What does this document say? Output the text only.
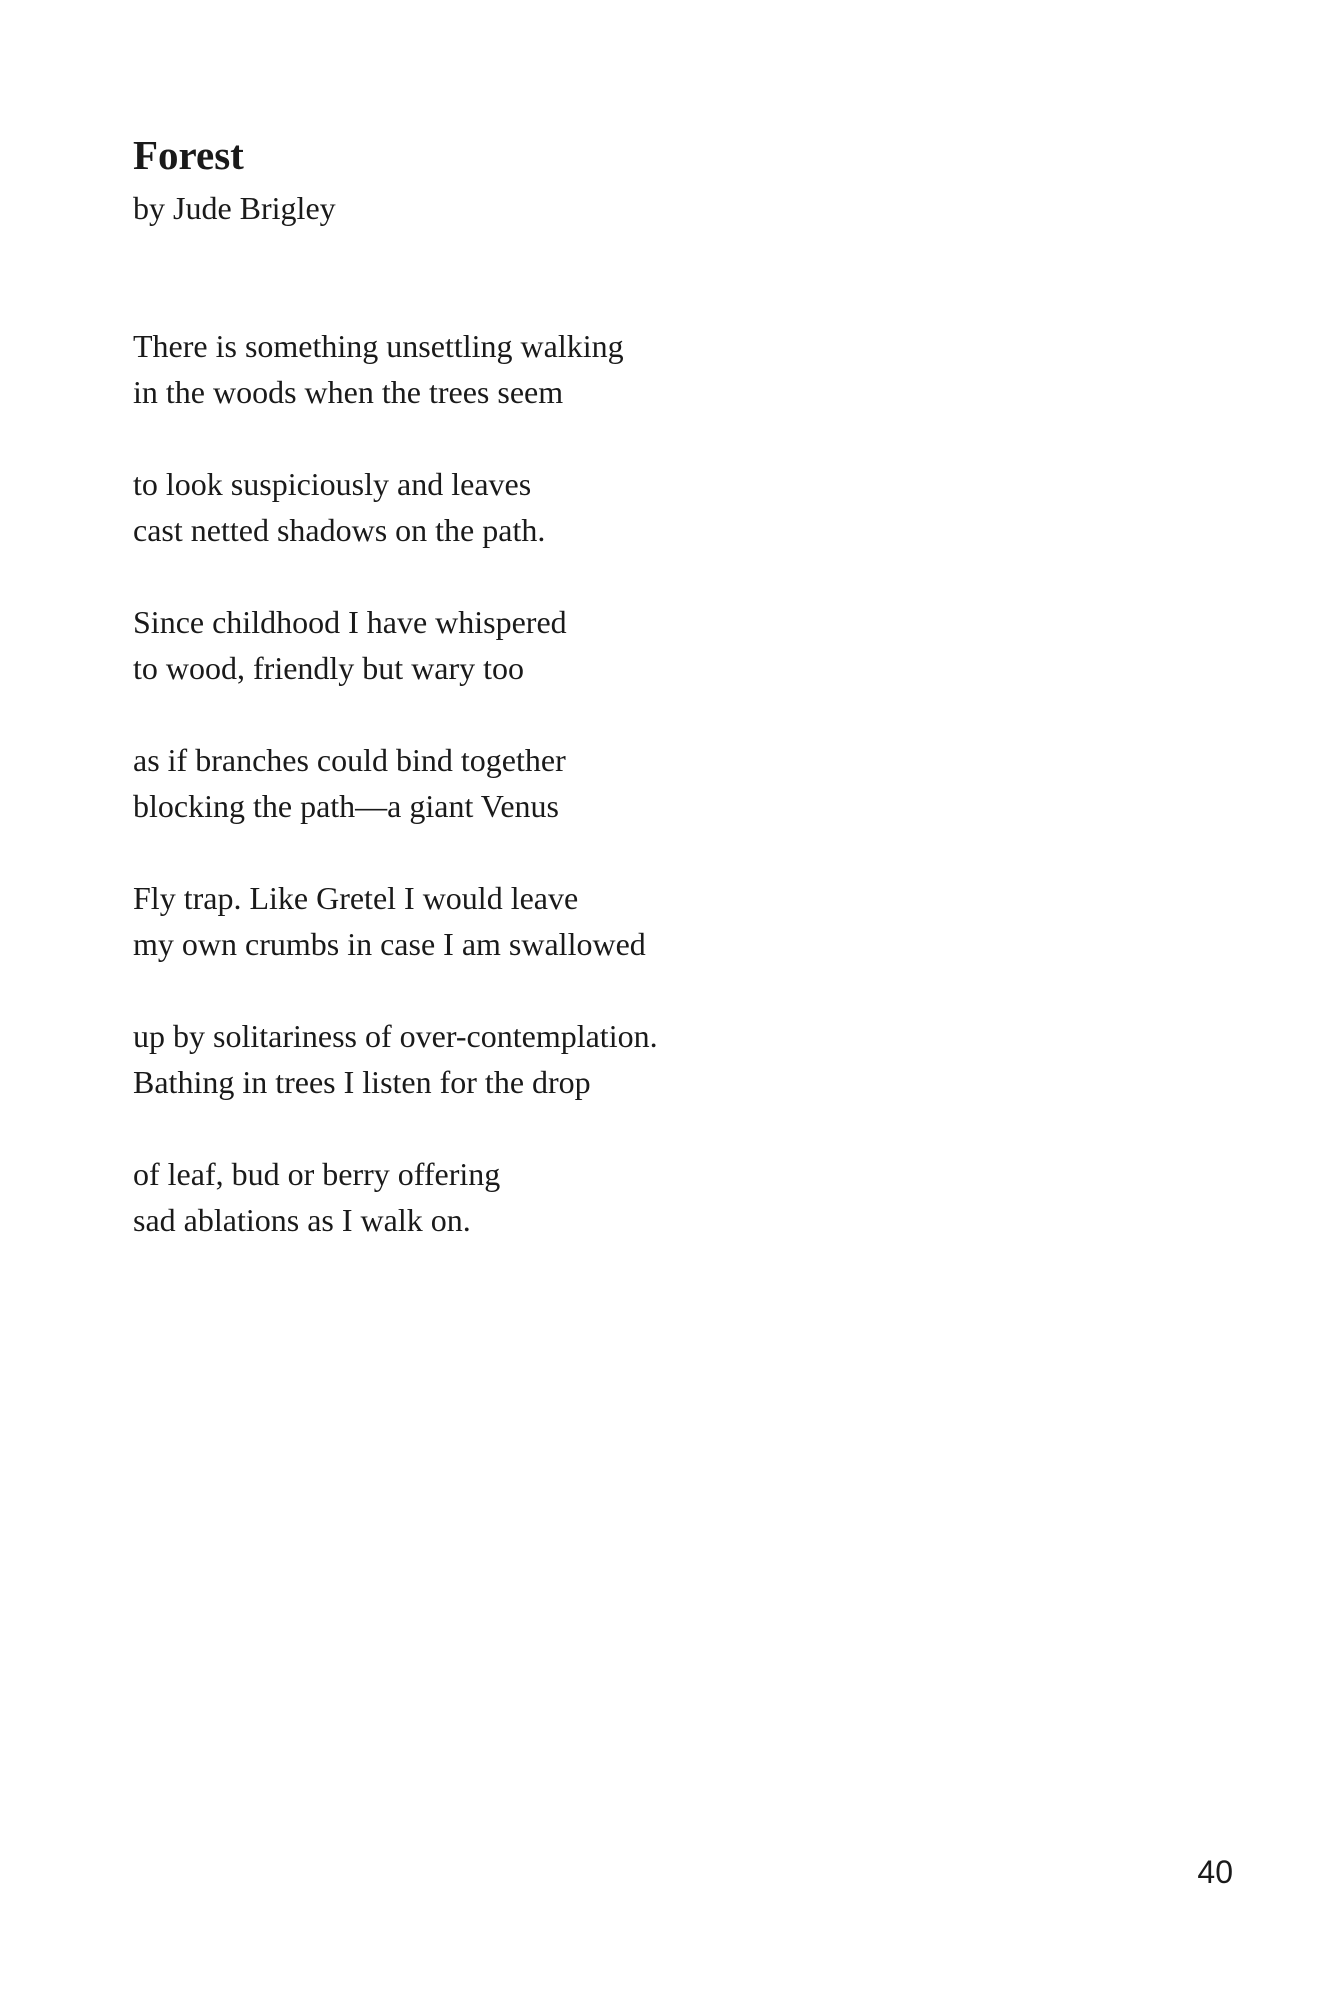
Forest

by Jude Brigley

There is something unsettling walking
in the woods when the trees seem
to look suspiciously and leaves
cast netted shadows on the path.
Since childhood I have whispered
to wood, friendly but wary too
as if branches could bind together
blocking the path—a giant Venus
Fly trap. Like Gretel I would leave
my own crumbs in case I am swallowed
up by solitariness of over-contemplation.
Bathing in trees I listen for the drop
of leaf, bud or berry offering
sad ablations as I walk on.

40
